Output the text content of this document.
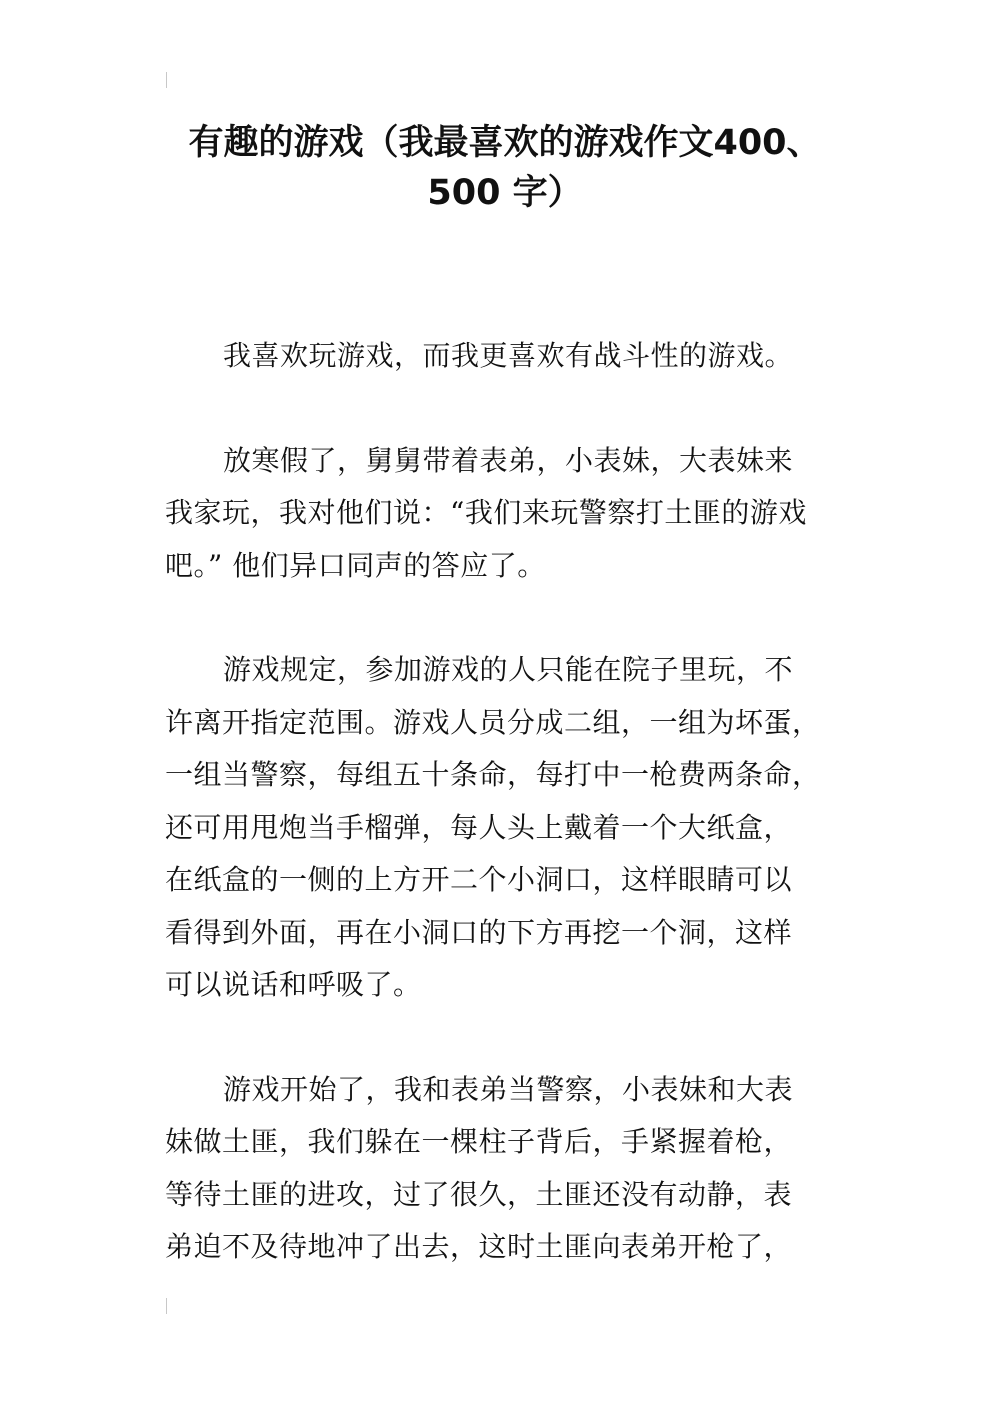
有趣的游戏（我最喜欢的游戏作文400、
500 字）

我喜欢玩游戏，而我更喜欢有战斗性的游戏。

放寒假了，舅舅带着表弟，小表妹，大表妹来
我家玩，我对他们说：“我们来玩警察打土匪的游戏
吧。” 他们异口同声的答应了。

游戏规定，参加游戏的人只能在院子里玩，不
许离开指定范围。游戏人员分成二组，一组为坏蛋，
一组当警察，每组五十条命，每打中一枪费两条命，
还可用甩炮当手榴弹，每人头上戴着一个大纸盒，
在纸盒的一侧的上方开二个小洞口，这样眼睛可以
看得到外面，再在小洞口的下方再挖一个洞，这样
可以说话和呼吸了。

游戏开始了，我和表弟当警察，小表妹和大表
妹做土匪，我们躲在一棵柱子背后，手紧握着枪，
等待土匪的进攻，过了很久，土匪还没有动静，表
弟迫不及待地冲了出去，这时土匪向表弟开枪了，
